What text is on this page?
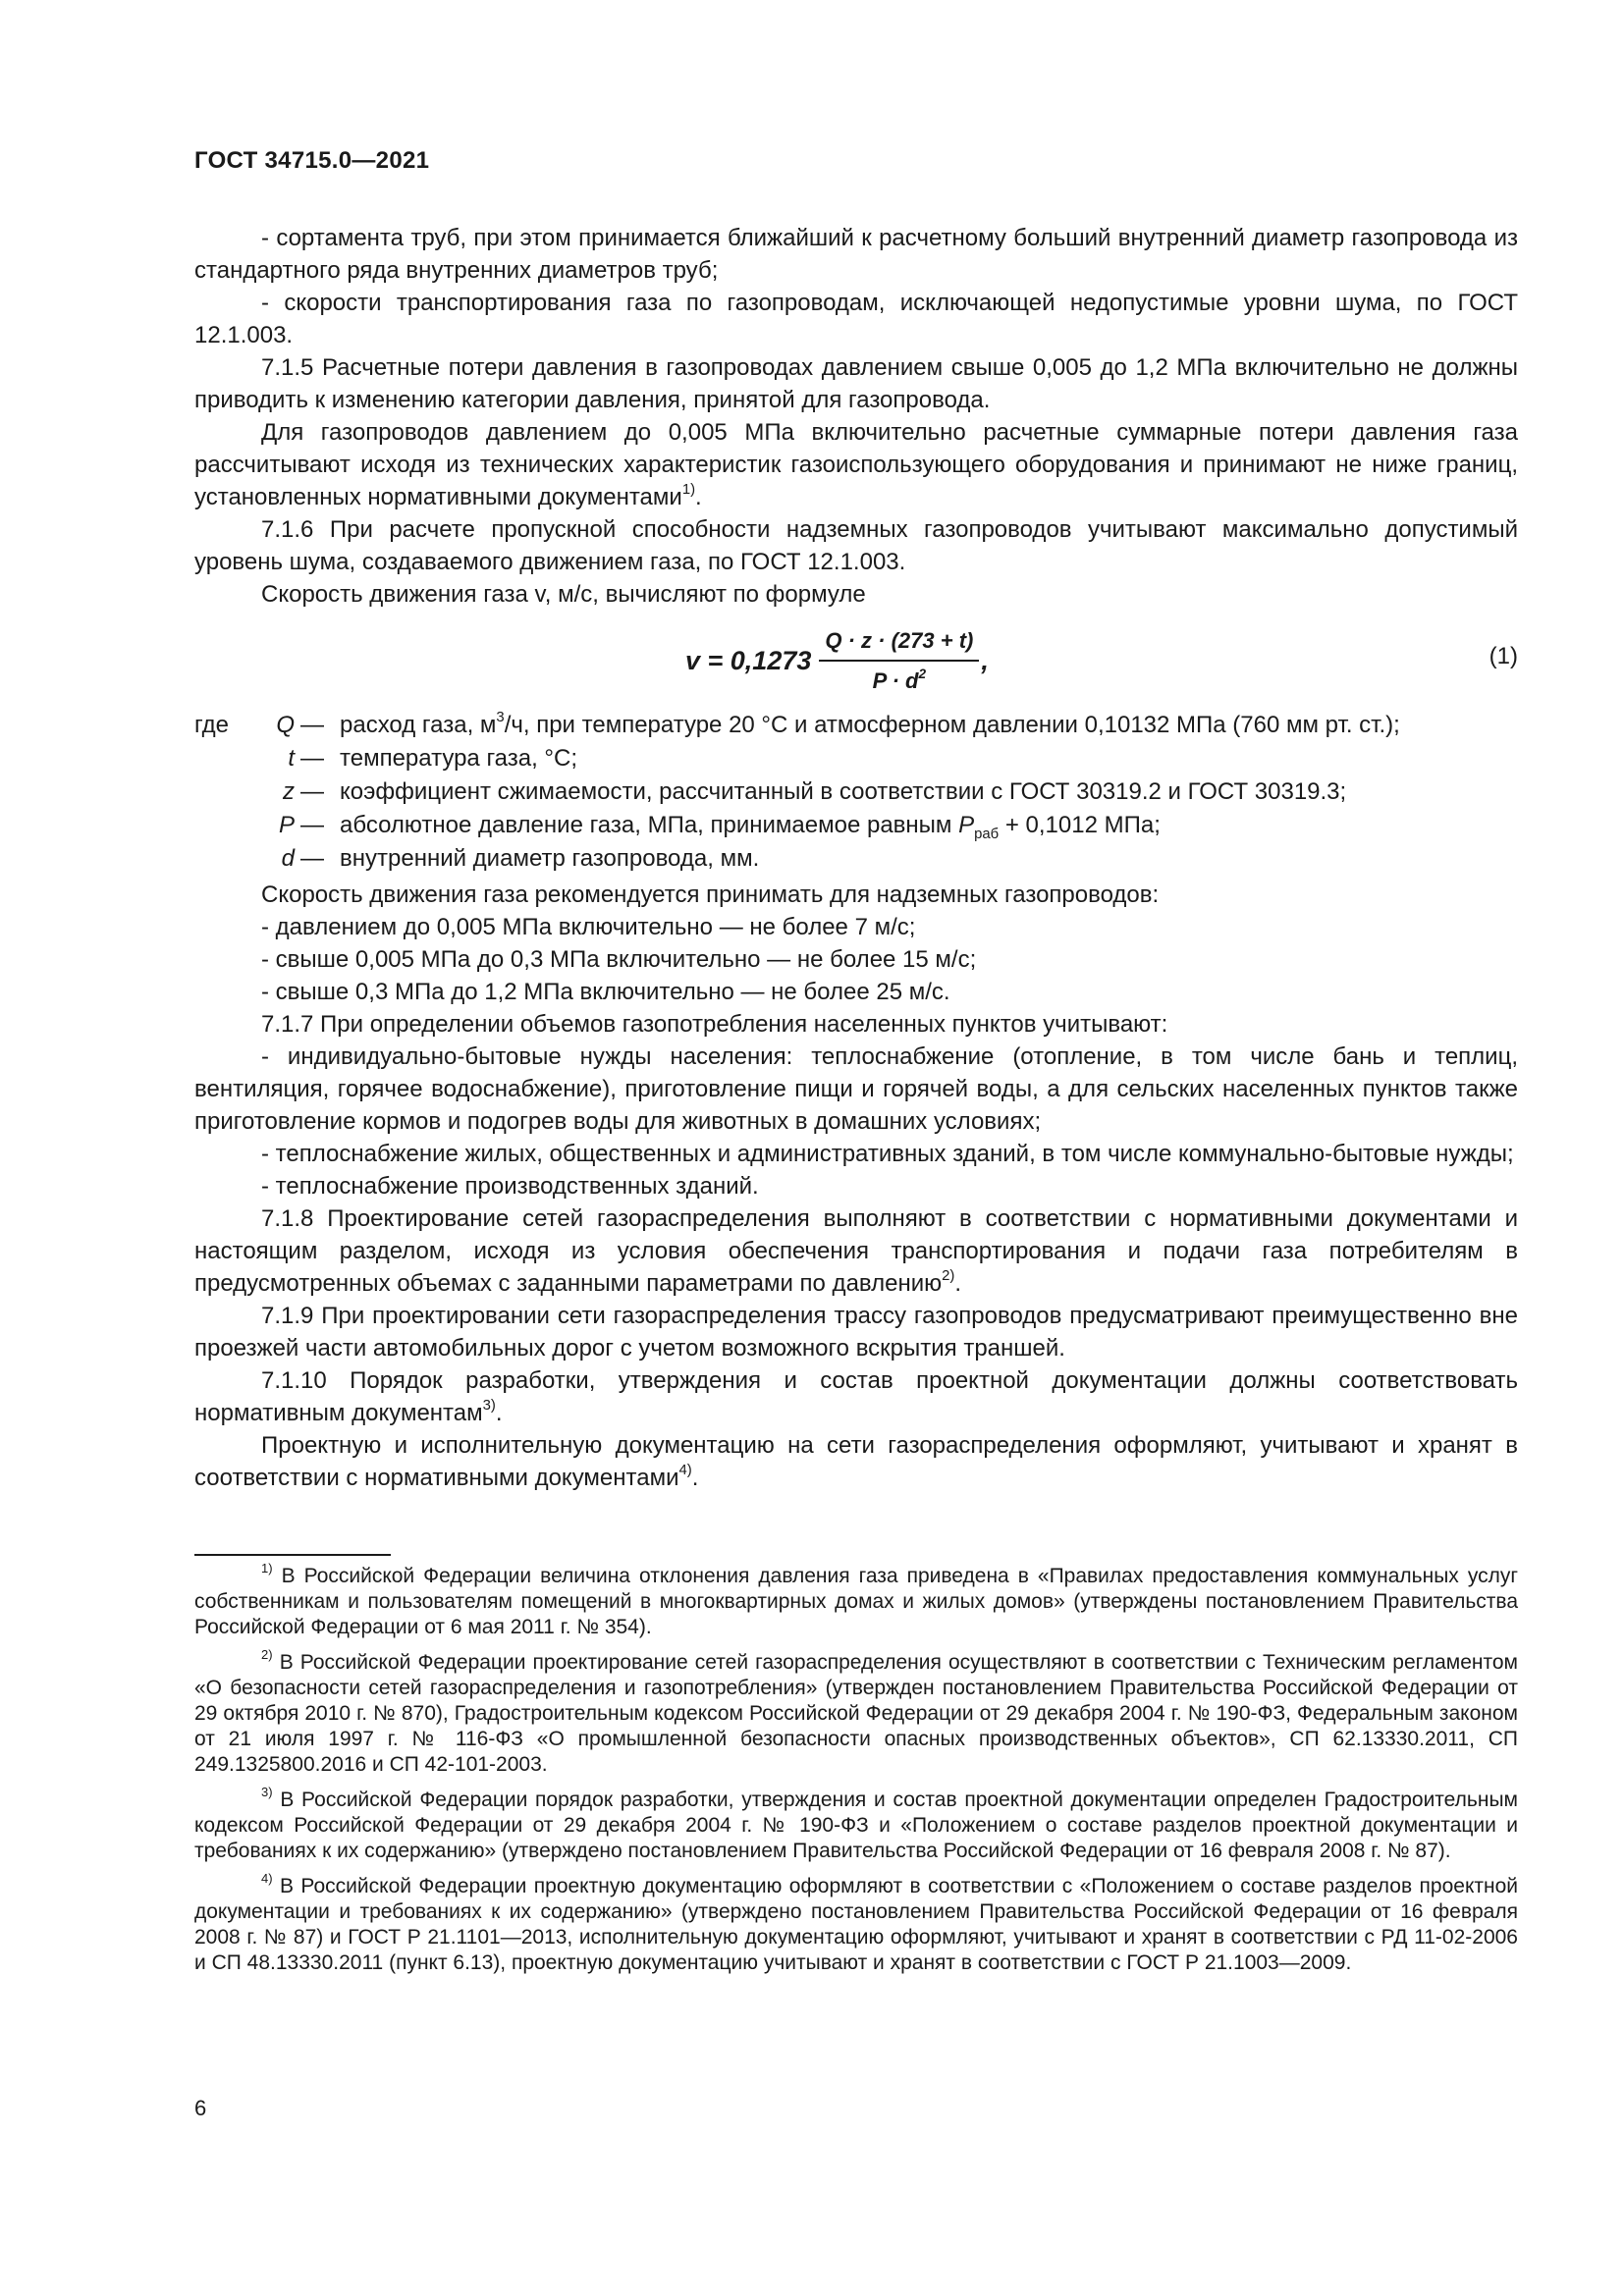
ГОСТ 34715.0—2021

- сортамента труб, при этом принимается ближайший к расчетному больший внутренний диаметр газопровода из стандартного ряда внутренних диаметров труб;

- скорости транспортирования газа по газопроводам, исключающей недопустимые уровни шума, по ГОСТ 12.1.003.

7.1.5 Расчетные потери давления в газопроводах давлением свыше 0,005 до 1,2 МПа включительно не должны приводить к изменению категории давления, принятой для газопровода.

Для газопроводов давлением до 0,005 МПа включительно расчетные суммарные потери давления газа рассчитывают исходя из технических характеристик газоиспользующего оборудования и принимают не ниже границ, установленных нормативными документами$^{1)}$.

7.1.6 При расчете пропускной способности надземных газопроводов учитывают максимально допустимый уровень шума, создаваемого движением газа, по ГОСТ 12.1.003.

Скорость движения газа v, м/с, вычисляют по формуле

$v = 0,1273 \frac{Q \cdot z \cdot (273 + t)}{P \cdot d^2}$ ,	(1)
где	Q — расход газа, $м^3/ч$, при температуре 20 °С и атмосферном давлении 0,10132 МПа (760 мм рт. ст.);
t — температура газа, °С;
z — коэффициент сжимаемости, рассчитанный в соответствии с ГОСТ 30319.2 и ГОСТ 30319.3;
P — абсолютное давление газа, МПа, принимаемое равным $P_{раб} + 0,1012$ МПа;
d — внутренний диаметр газопровода, мм.

Скорость движения газа рекомендуется принимать для надземных газопроводов:

- давлением до 0,005 МПа включительно — не более 7 м/с;

- свыше 0,005 МПа до 0,3 МПа включительно — не более 15 м/с;

- свыше 0,3 МПа до 1,2 МПа включительно — не более 25 м/с.

7.1.7 При определении объемов газопотребления населенных пунктов учитывают:

- индивидуально-бытовые нужды населения: теплоснабжение (отопление, в том числе бань и теплиц, вентиляция, горячее водоснабжение), приготовление пищи и горячей воды, а для сельских населенных пунктов также приготовление кормов и подогрев воды для животных в домашних условиях;

- теплоснабжение жилых, общественных и административных зданий, в том числе коммунально-бытовые нужды;

- теплоснабжение производственных зданий.

7.1.8 Проектирование сетей газораспределения выполняют в соответствии с нормативными документами и настоящим разделом, исходя из условия обеспечения транспортирования и подачи газа потребителям в предусмотренных объемах с заданными параметрами по давлению$^{2)}$.

7.1.9 При проектировании сети газораспределения трассу газопроводов предусматривают преимущественно вне проезжей части автомобильных дорог с учетом возможного вскрытия траншей.

7.1.10 Порядок разработки, утверждения и состав проектной документации должны соответствовать нормативным документам$^{3)}$.

Проектную и исполнительную документацию на сети газораспределения оформляют, учитывают и хранят в соответствии с нормативными документами$^{4)}$.

$^{1)}$ В Российской Федерации величина отклонения давления газа приведена в «Правилах предоставления коммунальных услуг собственникам и пользователям помещений в многоквартирных домах и жилых домов» (утверждены постановлением Правительства Российской Федерации от 6 мая 2011 г. № 354).

$^{2)}$ В Российской Федерации проектирование сетей газораспределения осуществляют в соответствии с Техническим регламентом «О безопасности сетей газораспределения и газопотребления» (утвержден постановлением Правительства Российской Федерации от 29 октября 2010 г. № 870), Градостроительным кодексом Российской Федерации от 29 декабря 2004 г. № 190-ФЗ, Федеральным законом от 21 июля 1997 г. № 116-ФЗ «О промышленной безопасности опасных производственных объектов», СП 62.13330.2011, СП 249.1325800.2016 и СП 42-101-2003.

$^{3)}$ В Российской Федерации порядок разработки, утверждения и состав проектной документации определен Градостроительным кодексом Российской Федерации от 29 декабря 2004 г. № 190-ФЗ и «Положением о составе разделов проектной документации и требованиях к их содержанию» (утверждено постановлением Правительства Российской Федерации от 16 февраля 2008 г. № 87).

$^{4)}$ В Российской Федерации проектную документацию оформляют в соответствии с «Положением о составе разделов проектной документации и требованиях к их содержанию» (утверждено постановлением Правительства Российской Федерации от 16 февраля 2008 г. № 87) и ГОСТ Р 21.1101—2013, исполнительную документацию оформляют, учитывают и хранят в соответствии с РД 11-02-2006 и СП 48.13330.2011 (пункт 6.13), проектную документацию учитывают и хранят в соответствии с ГОСТ Р 21.1003—2009.

6
